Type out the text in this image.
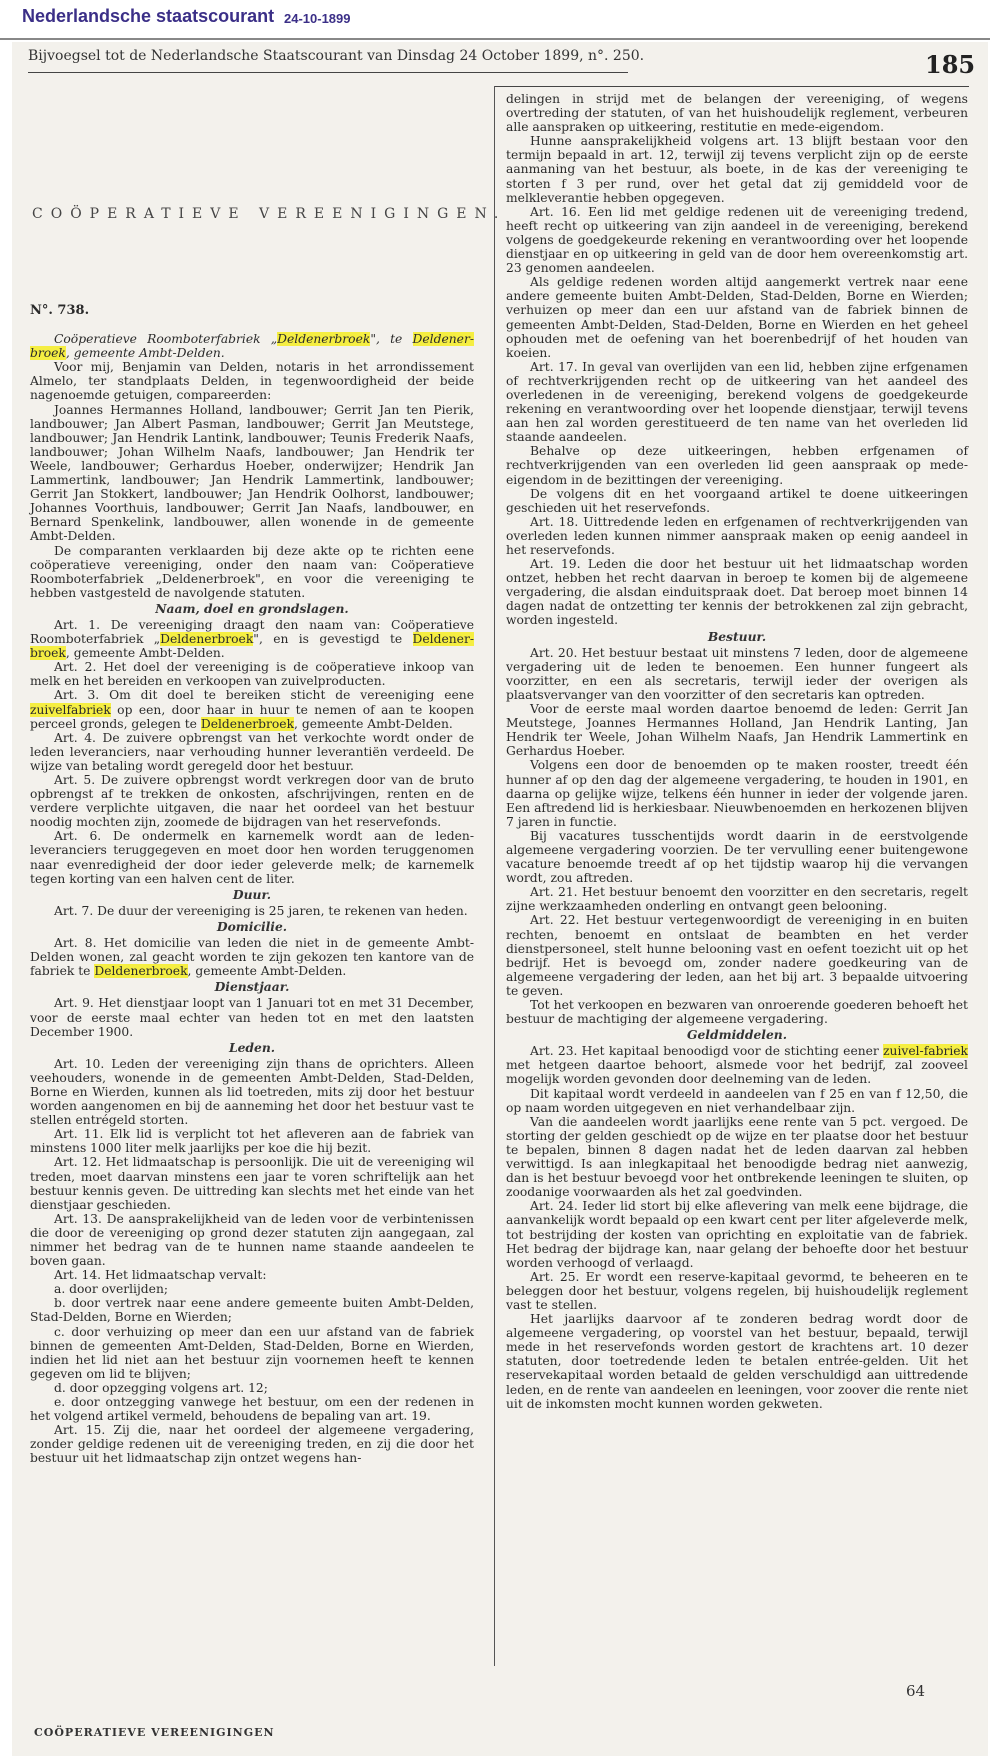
Nederlandsche staatscourant 24-10-1899
Bijvoegsel tot de Nederlandsche Staatscourant van Dinsdag 24 October 1899, n°. 250.	185
COÖPERATIEVE VEREENIGINGEN.

N°. 738.

Coöperatieve Roomboterfabriek „Deldenerbroek", te Deldener-broek, gemeente Ambt-Delden.

Voor mij, Benjamin van Delden, notaris in het arrondissement Almelo, ter standplaats Delden, in tegenwoordigheid der beide nagenoemde getuigen, compareerden:

Joannes Hermannes Holland, landbouwer; Gerrit Jan ten Pierik, landbouwer; Jan Albert Pasman, landbouwer; Gerrit Jan Meutstege, landbouwer; Jan Hendrik Lantink, landbouwer; Teunis Frederik Naafs, landbouwer; Johan Wilhelm Naafs, landbouwer; Jan Hendrik ter Weele, landbouwer; Gerhardus Hoeber, onderwijzer; Hendrik Jan Lammertink, landbouwer; Jan Hendrik Lammertink, landbouwer; Gerrit Jan Stokkert, landbouwer; Jan Hendrik Oolhorst, landbouwer; Johannes Voorthuis, landbouwer; Gerrit Jan Naafs, landbouwer, en Bernard Spenkelink, landbouwer, allen wonende in de gemeente Ambt-Delden.

De comparanten verklaarden bij deze akte op te richten eene coöperatieve vereeniging, onder den naam van: Coöperatieve Roomboterfabriek „Deldenerbroek", en voor die vereeniging te hebben vastgesteld de navolgende statuten.

Naam, doel en grondslagen.

Art. 1. De vereeniging draagt den naam van: Coöperatieve Roomboterfabriek „Deldenerbroek", en is gevestigd te Deldener-broek, gemeente Ambt-Delden.

Art. 2. Het doel der vereeniging is de coöperatieve inkoop van melk en het bereiden en verkoopen van zuivelproducten.

Art. 3. Om dit doel te bereiken sticht de vereeniging eene zuivelfabriek op een, door haar in huur te nemen of aan te koopen perceel gronds, gelegen te Deldenerbroek, gemeente Ambt-Delden.

Art. 4. De zuivere opbrengst van het verkochte wordt onder de leden leveranciers, naar verhouding hunner leverantiën verdeeld. De wijze van betaling wordt geregeld door het bestuur.

Art. 5. De zuivere opbrengst wordt verkregen door van de bruto opbrengst af te trekken de onkosten, afschrijvingen, renten en de verdere verplichte uitgaven, die naar het oordeel van het bestuur noodig mochten zijn, zoomede de bijdragen van het reservefonds.

Art. 6. De ondermelk en karnemelk wordt aan de leden-leveranciers teruggegeven en moet door hen worden teruggenomen naar evenredigheid der door ieder geleverde melk; de karnemelk tegen korting van een halven cent de liter.

Duur.

Art. 7. De duur der vereeniging is 25 jaren, te rekenen van heden.

Domicilie.

Art. 8. Het domicilie van leden die niet in de gemeente Ambt-Delden wonen, zal geacht worden te zijn gekozen ten kantore van de fabriek te Deldenerbroek, gemeente Ambt-Delden.

Dienstjaar.

Art. 9. Het dienstjaar loopt van 1 Januari tot en met 31 December, voor de eerste maal echter van heden tot en met den laatsten December 1900.

Leden.

Art. 10. Leden der vereeniging zijn thans de oprichters. Alleen veehouders, wonende in de gemeenten Ambt-Delden, Stad-Delden, Borne en Wierden, kunnen als lid toetreden, mits zij door het bestuur worden aangenomen en bij de aanneming het door het bestuur vast te stellen entrégeld storten.

Art. 11. Elk lid is verplicht tot het afleveren aan de fabriek van minstens 1000 liter melk jaarlijks per koe die hij bezit.

Art. 12. Het lidmaatschap is persoonlijk. Die uit de vereeniging wil treden, moet daarvan minstens een jaar te voren schriftelijk aan het bestuur kennis geven. De uittreding kan slechts met het einde van het dienstjaar geschieden.

Art. 13. De aansprakelijkheid van de leden voor de verbintenissen die door de vereeniging op grond dezer statuten zijn aangegaan, zal nimmer het bedrag van de te hunnen name staande aandeelen te boven gaan.

Art. 14. Het lidmaatschap vervalt:

a. door overlijden;

b. door vertrek naar eene andere gemeente buiten Ambt-Delden, Stad-Delden, Borne en Wierden;

c. door verhuizing op meer dan een uur afstand van de fabriek binnen de gemeenten Amt-Delden, Stad-Delden, Borne en Wierden, indien het lid niet aan het bestuur zijn voornemen heeft te kennen gegeven om lid te blijven;

d. door opzegging volgens art. 12;

e. door ontzegging vanwege het bestuur, om een der redenen in het volgend artikel vermeld, behoudens de bepaling van art. 19.

Art. 15. Zij die, naar het oordeel der algemeene vergadering, zonder geldige redenen uit de vereeniging treden, en zij die door het bestuur uit het lidmaatschap zijn ontzet wegens han-

delingen in strijd met de belangen der vereeniging, of wegens overtreding der statuten, of van het huishoudelijk reglement, verbeuren alle aanspraken op uitkeering, restitutie en mede-eigendom.

Hunne aansprakelijkheid volgens art. 13 blijft bestaan voor den termijn bepaald in art. 12, terwijl zij tevens verplicht zijn op de eerste aanmaning van het bestuur, als boete, in de kas der vereeniging te storten f 3 per rund, over het getal dat zij gemiddeld voor de melkleverantie hebben opgegeven.

Art. 16. Een lid met geldige redenen uit de vereeniging tredend, heeft recht op uitkeering van zijn aandeel in de vereeniging, berekend volgens de goedgekeurde rekening en verantwoording over het loopende dienstjaar en op uitkeering in geld van de door hem overeenkomstig art. 23 genomen aandeelen.

Als geldige redenen worden altijd aangemerkt vertrek naar eene andere gemeente buiten Ambt-Delden, Stad-Delden, Borne en Wierden; verhuizen op meer dan een uur afstand van de fabriek binnen de gemeenten Ambt-Delden, Stad-Delden, Borne en Wierden en het geheel ophouden met de oefening van het boerenbedrijf of het houden van koeien.

Art. 17. In geval van overlijden van een lid, hebben zijne erfgenamen of rechtverkrijgenden recht op de uitkeering van het aandeel des overledenen in de vereeniging, berekend volgens de goedgekeurde rekening en verantwoording over het loopende dienstjaar, terwijl tevens aan hen zal worden gerestitueerd de ten name van het overleden lid staande aandeelen.

Behalve op deze uitkeeringen, hebben erfgenamen of rechtverkrijgenden van een overleden lid geen aanspraak op mede-eigendom in de bezittingen der vereeniging.

De volgens dit en het voorgaand artikel te doene uitkeeringen geschieden uit het reservefonds.

Art. 18. Uittredende leden en erfgenamen of rechtverkrijgenden van overleden leden kunnen nimmer aanspraak maken op eenig aandeel in het reservefonds.

Art. 19. Leden die door het bestuur uit het lidmaatschap worden ontzet, hebben het recht daarvan in beroep te komen bij de algemeene vergadering, die alsdan einduitspraak doet. Dat beroep moet binnen 14 dagen nadat de ontzetting ter kennis der betrokkenen zal zijn gebracht, worden ingesteld.

Bestuur.

Art. 20. Het bestuur bestaat uit minstens 7 leden, door de algemeene vergadering uit de leden te benoemen. Een hunner fungeert als voorzitter, en een als secretaris, terwijl ieder der overigen als plaatsvervanger van den voorzitter of den secretaris kan optreden.

Voor de eerste maal worden daartoe benoemd de leden: Gerrit Jan Meutstege, Joannes Hermannes Holland, Jan Hendrik Lanting, Jan Hendrik ter Weele, Johan Wilhelm Naafs, Jan Hendrik Lammertink en Gerhardus Hoeber.

Volgens een door de benoemden op te maken rooster, treedt één hunner af op den dag der algemeene vergadering, te houden in 1901, en daarna op gelijke wijze, telkens één hunner in ieder der volgende jaren. Een aftredend lid is herkiesbaar. Nieuwbenoemden en herkozenen blijven 7 jaren in functie.

Bij vacatures tusschentijds wordt daarin in de eerstvolgende algemeene vergadering voorzien. De ter vervulling eener buitengewone vacature benoemde treedt af op het tijdstip waarop hij die vervangen wordt, zou aftreden.

Art. 21. Het bestuur benoemt den voorzitter en den secretaris, regelt zijne werkzaamheden onderling en ontvangt geen belooning.

Art. 22. Het bestuur vertegenwoordigt de vereeniging in en buiten rechten, benoemt en ontslaat de beambten en het verder dienstpersoneel, stelt hunne belooning vast en oefent toezicht uit op het bedrijf. Het is bevoegd om, zonder nadere goedkeuring van de algemeene vergadering der leden, aan het bij art. 3 bepaalde uitvoering te geven.

Tot het verkoopen en bezwaren van onroerende goederen behoeft het bestuur de machtiging der algemeene vergadering.

Geldmiddelen.

Art. 23. Het kapitaal benoodigd voor de stichting eener zuivel-fabriek met hetgeen daartoe behoort, alsmede voor het bedrijf, zal zooveel mogelijk worden gevonden door deelneming van de leden.

Dit kapitaal wordt verdeeld in aandeelen van f 25 en van f 12,50, die op naam worden uitgegeven en niet verhandelbaar zijn.

Van die aandeelen wordt jaarlijks eene rente van 5 pct. vergoed. De storting der gelden geschiedt op de wijze en ter plaatse door het bestuur te bepalen, binnen 8 dagen nadat het de leden daarvan zal hebben verwittigd. Is aan inlegkapitaal het benoodigde bedrag niet aanwezig, dan is het bestuur bevoegd voor het ontbrekende leeningen te sluiten, op zoodanige voorwaarden als het zal goedvinden.

Art. 24. Ieder lid stort bij elke aflevering van melk eene bijdrage, die aanvankelijk wordt bepaald op een kwart cent per liter afgeleverde melk, tot bestrijding der kosten van oprichting en exploitatie van de fabriek. Het bedrag der bijdrage kan, naar gelang der behoefte door het bestuur worden verhoogd of verlaagd.

Art. 25. Er wordt een reserve-kapitaal gevormd, te beheeren en te beleggen door het bestuur, volgens regelen, bij huishoudelijk reglement vast te stellen.

Het jaarlijks daarvoor af te zonderen bedrag wordt door de algemeene vergadering, op voorstel van het bestuur, bepaald, terwijl mede in het reservefonds worden gestort de krachtens art. 10 dezer statuten, door toetredende leden te betalen entrée-gelden. Uit het reservekapitaal worden betaald de gelden verschuldigd aan uittredende leden, en de rente van aandeelen en leeningen, voor zoover die rente niet uit de inkomsten mocht kunnen worden gekweten.

64
COÖPERATIEVE VEREENIGINGEN
